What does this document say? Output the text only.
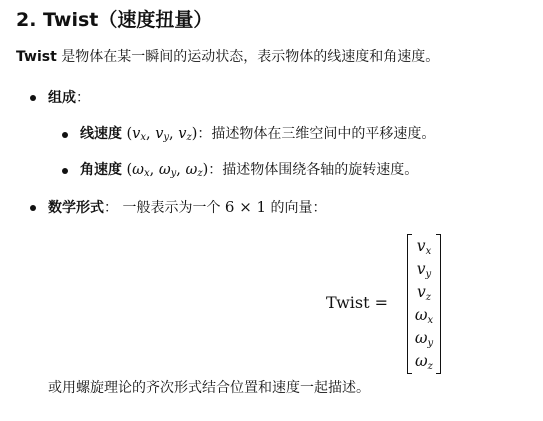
2. Twist（速度扭量）
Twist 是物体在某一瞬间的运动状态，表示物体的线速度和角速度。
组成：
线速度 ($v_x$, $v_y$, $v_z$)：描述物体在三维空间中的平移速度。
角速度 ($\omega_x$, $\omega_y$, $\omega_z$)：描述物体围绕各轴的旋转速度。
数学形式： 一般表示为一个 6 × 1 的向量：
Twist =
$v_x$
$v_y$
$v_z$
$\omega_x$
$\omega_y$
$\omega_z$
或用螺旋理论的齐次形式结合位置和速度一起描述。
